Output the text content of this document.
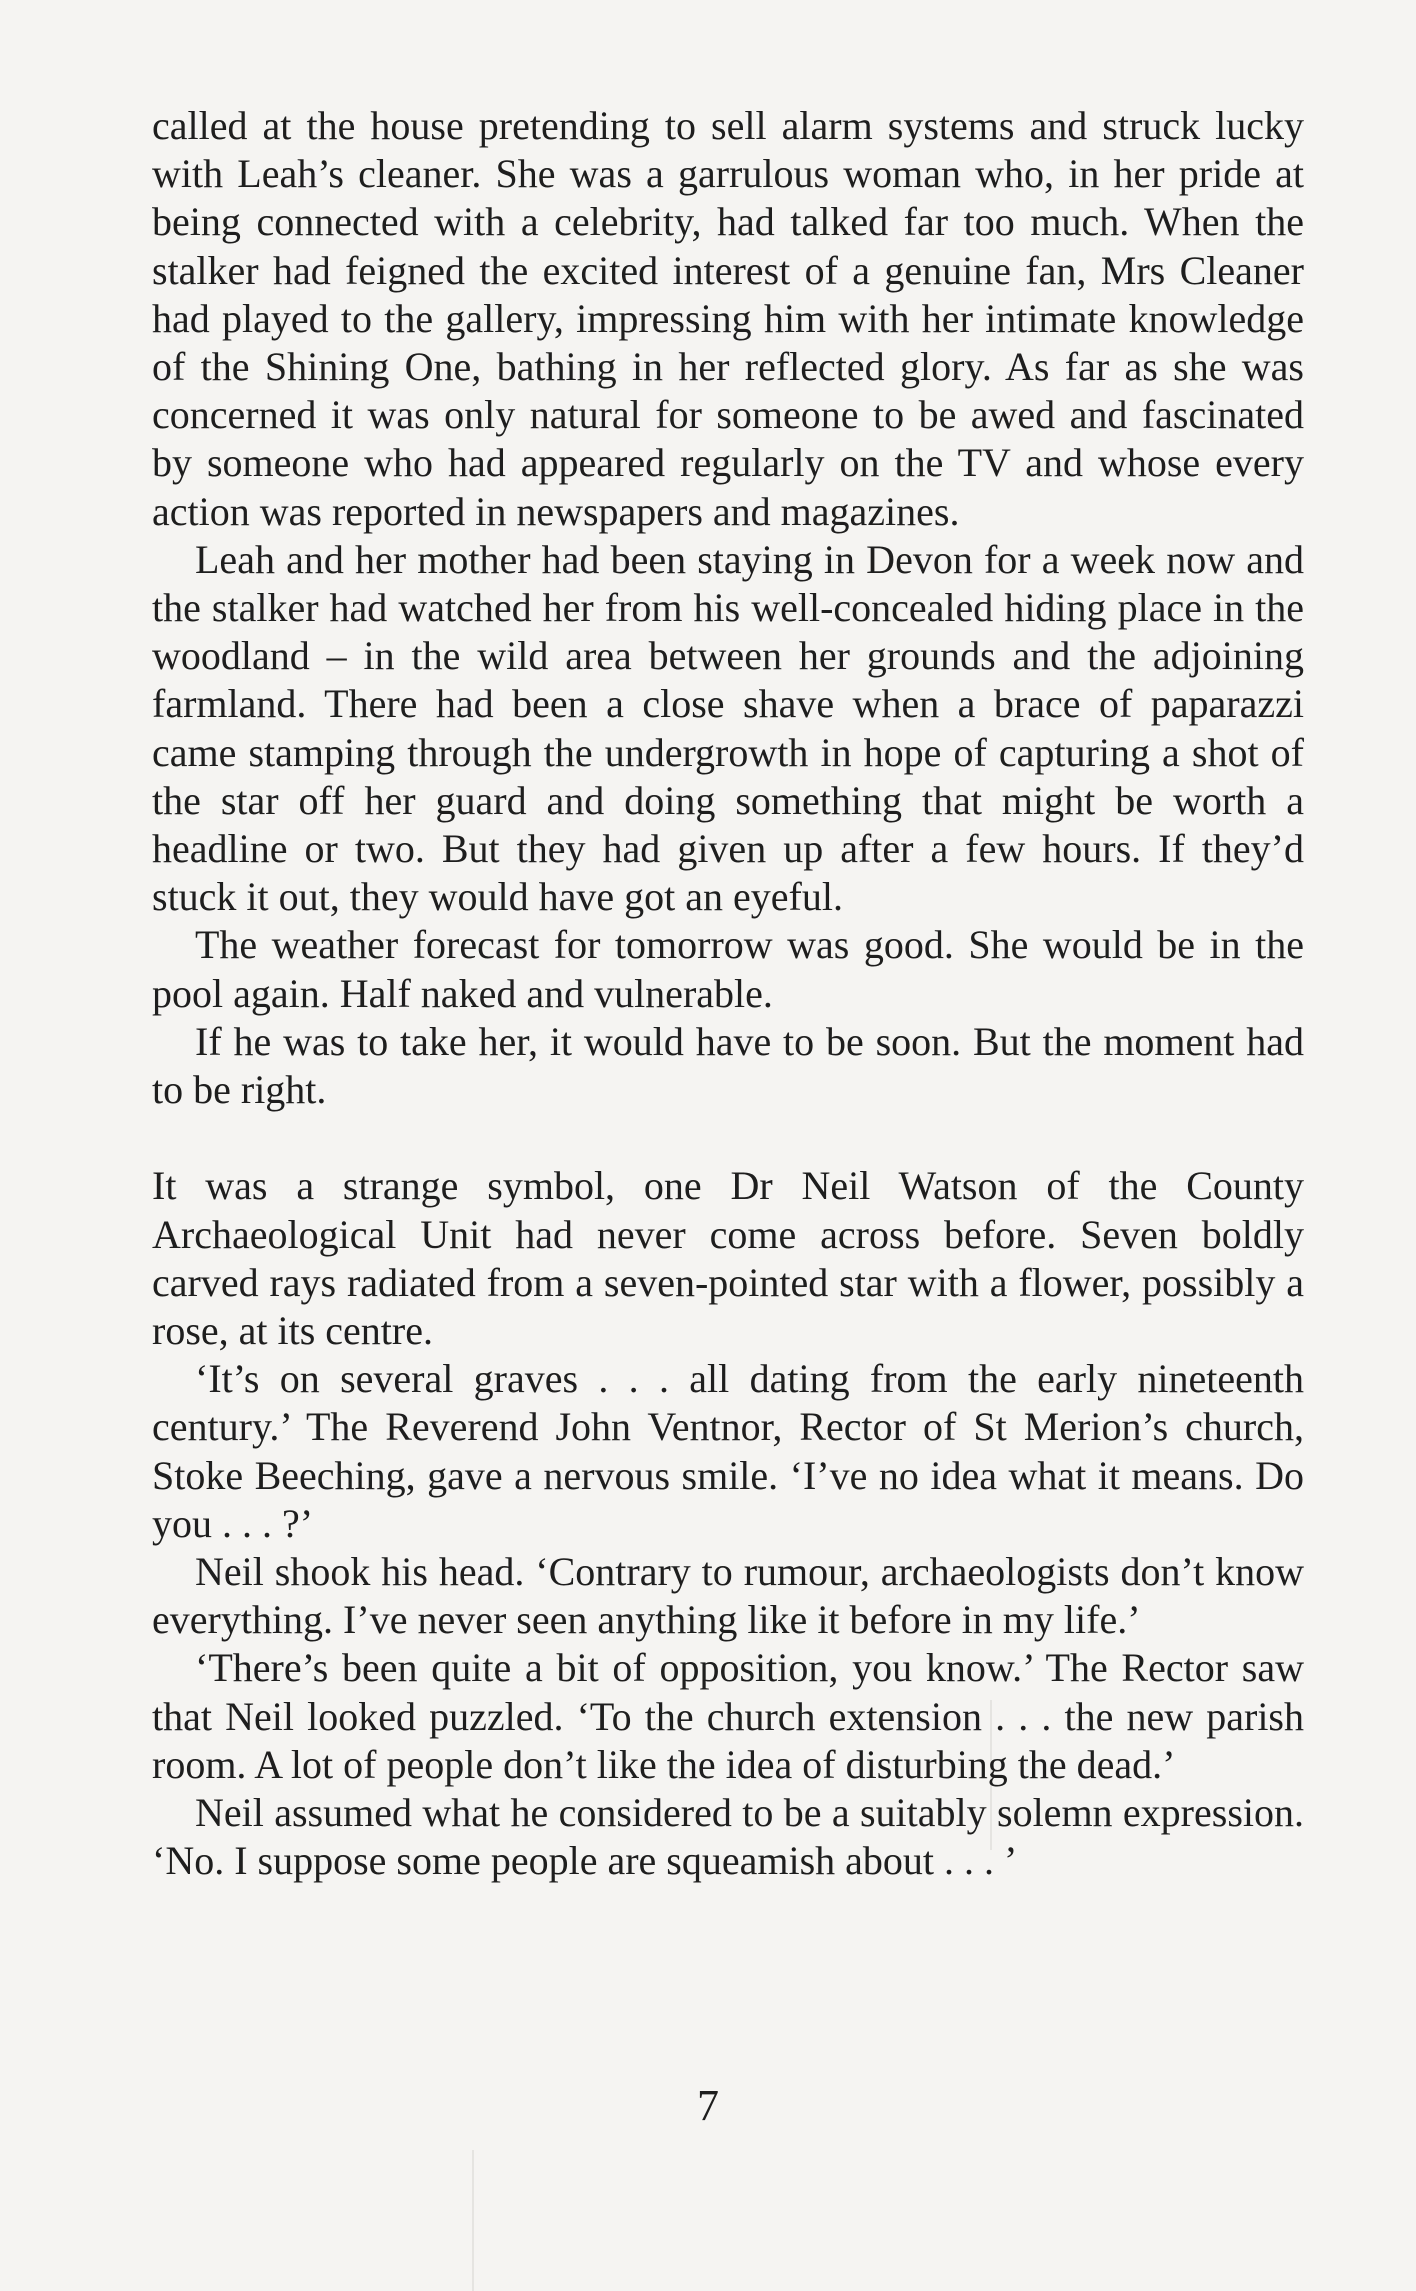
called at the house pretending to sell alarm systems and struck lucky with Leah’s cleaner. She was a garrulous woman who, in her pride at being connected with a celebrity, had talked far too much. When the stalker had feigned the excited interest of a genuine fan, Mrs Cleaner had played to the gallery, impressing him with her intimate knowledge of the Shining One, bathing in her reflected glory. As far as she was concerned it was only natural for someone to be awed and fascinated by someone who had appeared regularly on the TV and whose every action was reported in newspapers and magazines.

Leah and her mother had been staying in Devon for a week now and the stalker had watched her from his well-concealed hiding place in the woodland – in the wild area between her grounds and the adjoining farmland. There had been a close shave when a brace of paparazzi came stamping through the undergrowth in hope of capturing a shot of the star off her guard and doing something that might be worth a headline or two. But they had given up after a few hours. If they’d stuck it out, they would have got an eyeful.

The weather forecast for tomorrow was good. She would be in the pool again. Half naked and vulnerable.

If he was to take her, it would have to be soon. But the moment had to be right.

It was a strange symbol, one Dr Neil Watson of the County Archaeological Unit had never come across before. Seven boldly carved rays radiated from a seven-pointed star with a flower, possibly a rose, at its centre.

‘It’s on several graves . . . all dating from the early nineteenth century.’ The Reverend John Ventnor, Rector of St Merion’s church, Stoke Beeching, gave a nervous smile. ‘I’ve no idea what it means. Do you . . . ?’

Neil shook his head. ‘Contrary to rumour, archaeologists don’t know everything. I’ve never seen anything like it before in my life.’

‘There’s been quite a bit of opposition, you know.’ The Rector saw that Neil looked puzzled. ‘To the church extension . . . the new parish room. A lot of people don’t like the idea of disturbing the dead.’

Neil assumed what he considered to be a suitably solemn expression. ‘No. I suppose some people are squeamish about . . . ’

7
